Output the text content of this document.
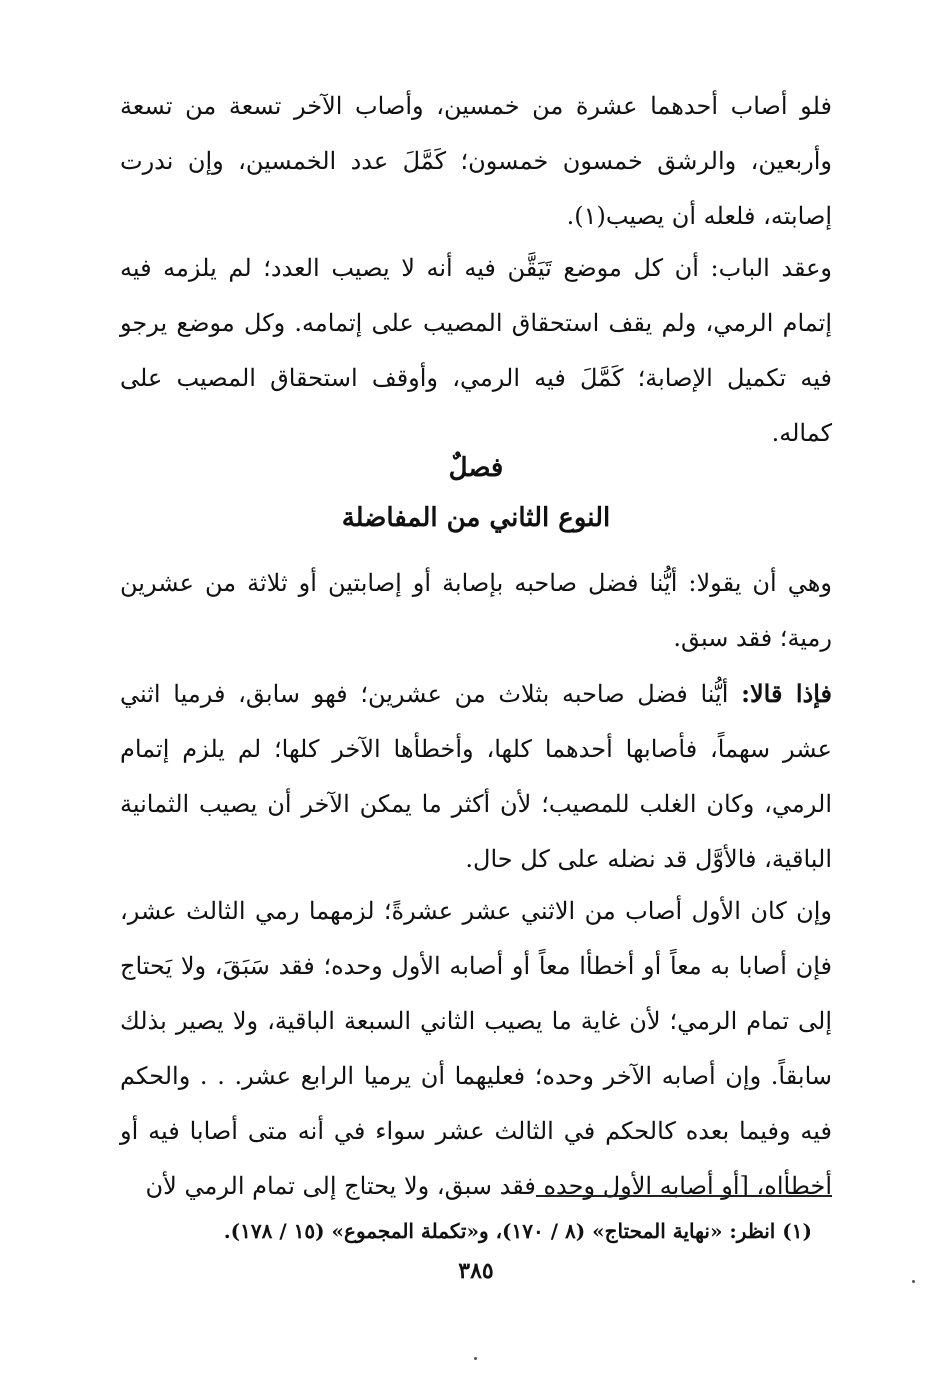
فلو أصاب أحدهما عشرة من خمسين، وأصاب الآخر تسعة من تسعة وأربعين، والرشق خمسون خمسون؛ كَمَّلَ عدد الخمسين، وإن ندرت إصابته، فلعله أن يصيب(١).

وعقد الباب: أن كل موضع تَيَقَّن فيه أنه لا يصيب العدد؛ لم يلزمه فيه إتمام الرمي، ولم يقف استحقاق المصيب على إتمامه. وكل موضع يرجو فيه تكميل الإصابة؛ كَمَّلَ فيه الرمي، وأوقف استحقاق المصيب على كماله.

فصلٌ
النوع الثاني من المفاضلة

وهي أن يقولا: أيُّنا فضل صاحبه بإصابة أو إصابتين أو ثلاثة من عشرين رمية؛ فقد سبق.

فإذا قالا: أيُّنا فضل صاحبه بثلاث من عشرين؛ فهو سابق، فرميا اثني عشر سهماً، فأصابها أحدهما كلها، وأخطأها الآخر كلها؛ لم يلزم إتمام الرمي، وكان الغلب للمصيب؛ لأن أكثر ما يمكن الآخر أن يصيب الثمانية الباقية، فالأوَّل قد نضله على كل حال.

وإن كان الأول أصاب من الاثني عشر عشرةً؛ لزمهما رمي الثالث عشر، فإن أصابا به معاً أو أخطأا معاً أو أصابه الأول وحده؛ فقد سَبَقَ، ولا يَحتاج إلى تمام الرمي؛ لأن غاية ما يصيب الثاني السبعة الباقية، ولا يصير بذلك سابقاً. وإن أصابه الآخر وحده؛ فعليهما أن يرميا الرابع عشر. . . والحكم فيه وفيما بعده كالحكم في الثالث عشر سواء في أنه متى أصابا فيه أو أخطأاه، [أو أصابه الأول وحده فقد سبق، ولا يحتاج إلى تمام الرمي لأن

(١) انظر: «نهاية المحتاج» (٨ / ١٧٠)، و«تكملة المجموع» (١٥ / ١٧٨).
٣٨٥
